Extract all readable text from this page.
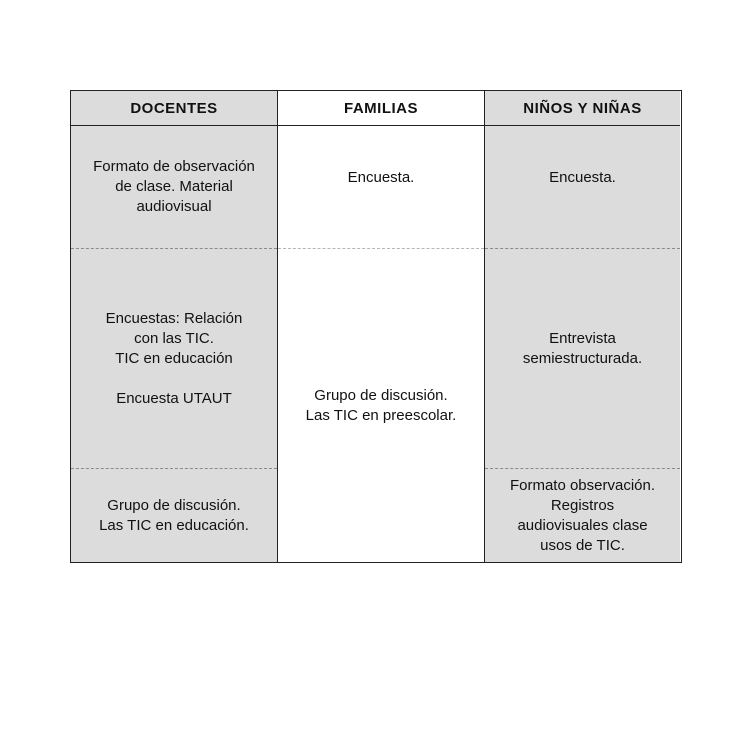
DOCENTES
Formato de observación
de clase. Material
audiovisual
Encuestas: Relación
con las TIC.
TIC en educación
Encuesta UTAUT
Grupo de discusión.
Las TIC en educación.
FAMILIAS
Encuesta.
Grupo de discusión.
Las TIC en preescolar.
NIÑOS Y NIÑAS
Encuesta.
Entrevista
semiestructurada.
Formato observación.
Registros
audiovisuales clase
usos de TIC.
